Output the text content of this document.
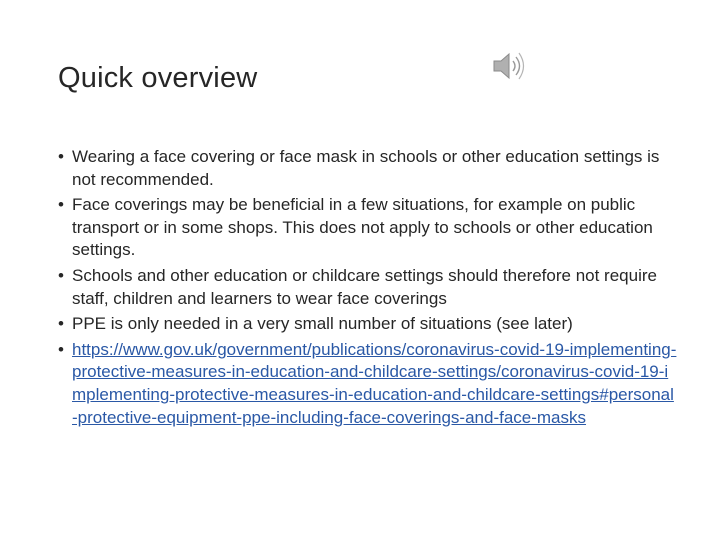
Quick overview
• Wearing a face covering or face mask in schools or other education settings is not recommended.
• Face coverings may be beneficial in a few situations, for example on public transport or in some shops. This does not apply to schools or other education settings.
• Schools and other education or childcare settings should therefore not require staff, children and learners to wear face coverings
• PPE is only needed in a very small number of situations (see later)
• https://www.gov.uk/government/publications/coronavirus-covid-19-implementing-protective-measures-in-education-and-childcare-settings/coronavirus-covid-19-implementing-protective-measures-in-education-and-childcare-settings#personal-protective-equipment-ppe-including-face-coverings-and-face-masks
